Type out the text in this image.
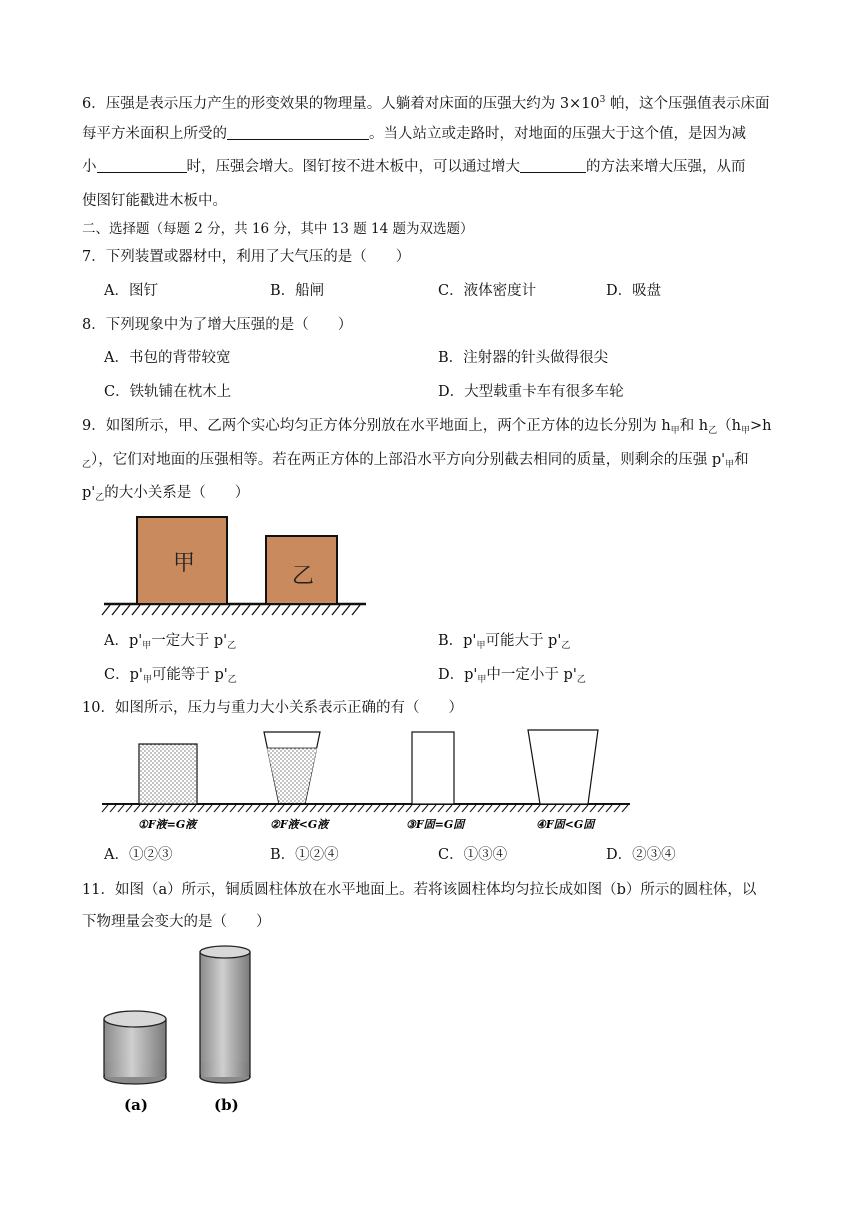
6．压强是表示压力产生的形变效果的物理量。人躺着对床面的压强大约为 $3\times 10^3$ 帕，这个压强值表示床面
每平方米面积上所受的	。当人站立或走路时，对地面的压强大于这个值，是因为减
小	时，压强会增大。图钉按不进木板中，可以通过增大	的方法来增大压强，从而
使图钉能戳进木板中。
二、选择题（每题 2 分，共 16 分，其中 13 题 14 题为双选题）
7．下列装置或器材中，利用了大气压的是（　　）
A．图钉	B．船闸	C．液体密度计	D．吸盘
8．下列现象中为了增大压强的是（　　）
A．书包的背带较宽	B．注射器的针头做得很尖
C．铁轨铺在枕木上	D．大型载重卡车有很多车轮
9．如图所示，甲、乙两个实心均匀正方体分别放在水平地面上，两个正方体的边长分别为 $h_甲$和 $h_乙(h_甲>h$
$_乙$），它们对地面的压强相等。若在两正方体的上部沿水平方向分别截去相同的质量，则剩余的压强 $p'_甲$和
$p'_乙$的大小关系是（　　）
甲
乙
A．$p'_甲$一定大于 $p'_乙$	B．$p'_甲$可能大于 $p'_乙$
C．$p'_甲$可能等于 $p'_乙$	D．$p'_甲$中一定小于 $p'_乙$
10．如图所示，压力与重力大小关系表示正确的有（　　）
①F液=G液	②F液<G液	③F固=G固	④F固<G固
A．①②③	B．①②④	C．①③④	D．②③④
11．如图（a）所示，铜质圆柱体放在水平地面上。若将该圆柱体均匀拉长成如图（b）所示的圆柱体，以
下物理量会变大的是（　　）
(a)	(b)
